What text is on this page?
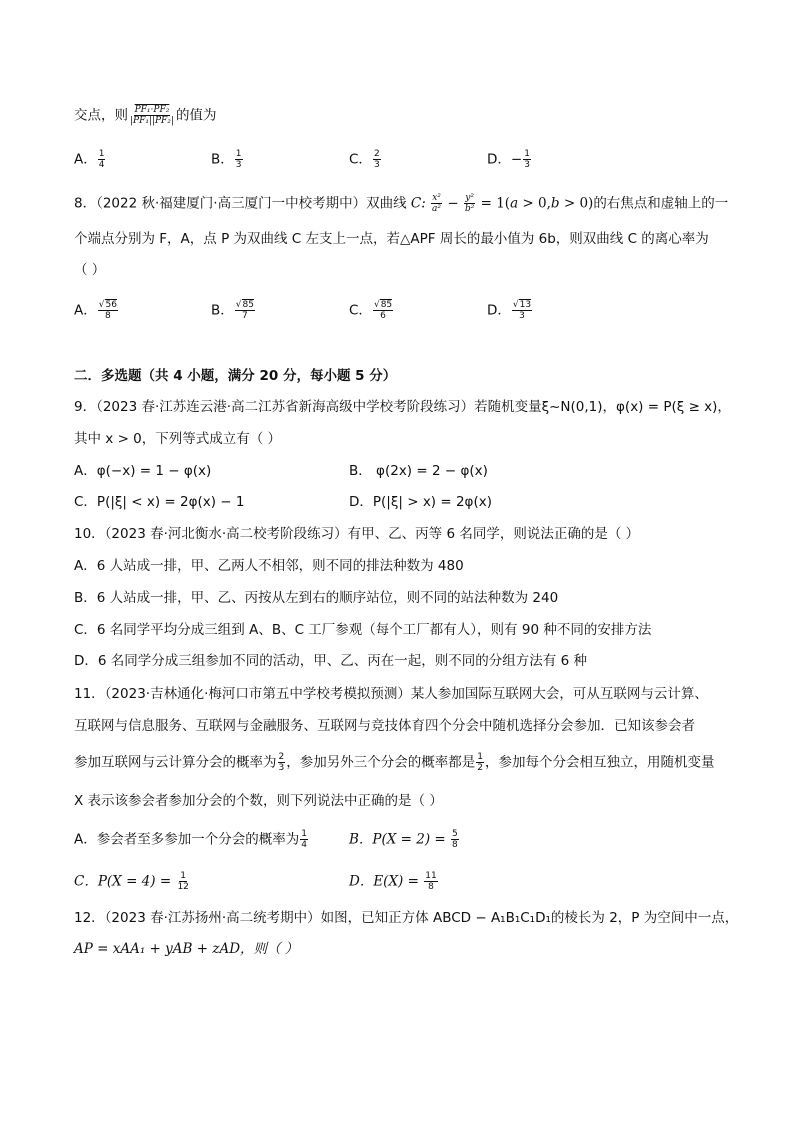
交点，则 $\frac{\text{PF₁·PF₂}}{\text{|PF₁||PF₂|}}$ 的值为
A． $\frac{1}{4}$	B． $\frac{1}{3}$	C． $\frac{2}{3}$	D．− $\frac{1}{3}$
8．（2022 秋·福建厦门·高三厦门一中校考期中）双曲线 C: $\frac{\text{x²}}{\text{a²}} - \frac{\text{y²}}{\text{b²}} = 1(a > 0,b > 0)$的右焦点和虚轴上的一
个端点分别为 F，A，点 P 为双曲线 C 左支上一点，若△APF 周长的最小值为 6b，则双曲线 C 的离心率为
（ ）
A． $\frac{√56}{8}$	B． $\frac{√85}{7}$	C． $\frac{√85}{6}$	D． $\frac{√13}{3}$
二．多选题（共 4 小题，满分 20 分，每小题 5 分）
9．（2023 春·江苏连云港·高二江苏省新海高级中学校考阶段练习）若随机变量ξ~N(0,1)，φ(x) = P(ξ ≥ x)，
其中 x > 0，下列等式成立有（ ）
A．φ(−x) = 1 − φ(x)	B． φ(2x) = 2 − φ(x)
C．P(|ξ| < x) = 2φ(x) − 1	D．P(|ξ| > x) = 2φ(x)
10．（2023 春·河北衡水·高二校考阶段练习）有甲、乙、丙等 6 名同学，则说法正确的是（ ）
A．6 人站成一排，甲、乙两人不相邻，则不同的排法种数为 480
B．6 人站成一排，甲、乙、丙按从左到右的顺序站位，则不同的站法种数为 240
C．6 名同学平均分成三组到 A、B、C 工厂参观（每个工厂都有人），则有 90 种不同的安排方法
D．6 名同学分成三组参加不同的活动，甲、乙、丙在一起，则不同的分组方法有 6 种
11．（2023·吉林通化·梅河口市第五中学校考模拟预测）某人参加国际互联网大会，可从互联网与云计算、
互联网与信息服务、互联网与金融服务、互联网与竞技体育四个分会中随机选择分会参加．已知该参会者
参加互联网与云计算分会的概率为 $\frac{2}{3}$ ，参加另外三个分会的概率都是 $\frac{1}{2}$ ，参加每个分会相互独立，用随机变量
X 表示该参会者参加分会的个数，则下列说法中正确的是（ ）
A．参会者至多参加一个分会的概率为 $\frac{1}{4}$	B．$P(X = 2) = \frac{5}{8}$
C．$P(X = 4) = \frac{1}{12}$	D．$E(X) = \frac{11}{8}$
12．（2023 春·江苏扬州·高二统考期中）如图，已知正方体 ABCD − A₁B₁C₁D₁的棱长为 2，P 为空间中一点，
AP = xAA₁ + yAB + zAD，则（ ）
